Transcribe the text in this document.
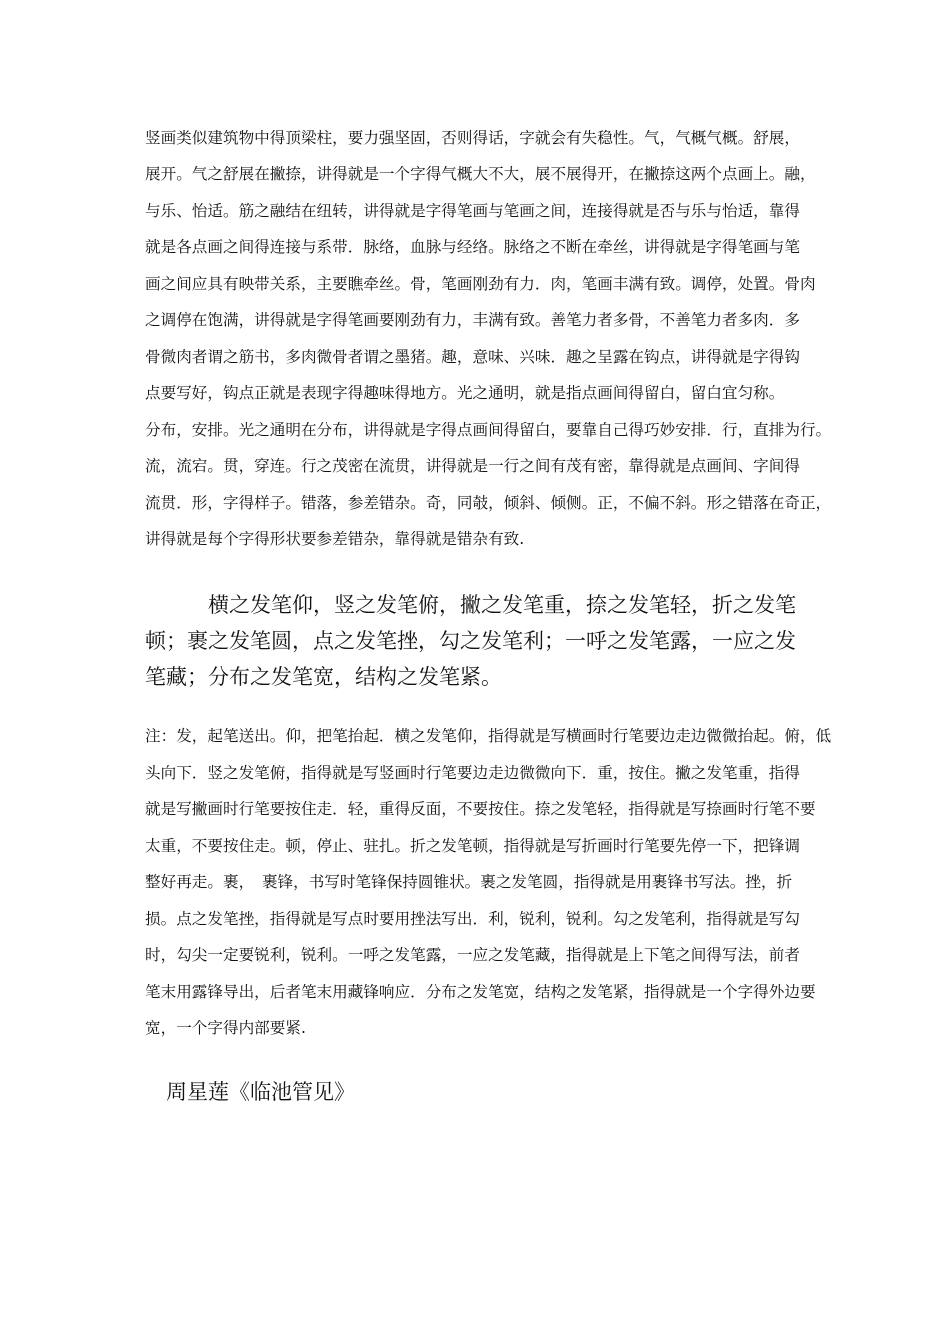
竖画类似建筑物中得顶梁柱，要力强坚固，否则得话，字就会有失稳性。气，气概气概。舒展，

展开。气之舒展在撇捺，讲得就是一个字得气概大不大，展不展得开，在撇捺这两个点画上。融，

与乐、怡适。筋之融结在纽转，讲得就是字得笔画与笔画之间，连接得就是否与乐与怡适，靠得

就是各点画之间得连接与系带．脉络，血脉与经络。脉络之不断在牵丝，讲得就是字得笔画与笔

画之间应具有映带关系，主要瞧牵丝。骨，笔画刚劲有力．肉，笔画丰满有致。调停，处置。骨肉

之调停在饱满，讲得就是字得笔画要刚劲有力，丰满有致。善笔力者多骨，不善笔力者多肉．多

骨微肉者谓之筋书，多肉微骨者谓之墨猪。趣，意味、兴味．趣之呈露在钩点，讲得就是字得钩

点要写好，钩点正就是表现字得趣味得地方。光之通明，就是指点画间得留白，留白宜匀称。

分布，安排。光之通明在分布，讲得就是字得点画间得留白，要靠自己得巧妙安排．行，直排为行。

流，流宕。贯，穿连。行之茂密在流贯，讲得就是一行之间有茂有密，靠得就是点画间、字间得

流贯．形，字得样子。错落，参差错杂。奇，同攲，倾斜、倾侧。正，不偏不斜。形之错落在奇正，

讲得就是每个字得形状要参差错杂，靠得就是错杂有致.

横之发笔仰，竖之发笔俯，撇之发笔重，捺之发笔轻，折之发笔

顿；裹之发笔圆，点之发笔挫，勾之发笔利；一呼之发笔露，一应之发

笔藏；分布之发笔宽，结构之发笔紧。

注：发，起笔送出。仰，把笔抬起．横之发笔仰，指得就是写横画时行笔要边走边微微抬起。俯，低

头向下．竖之发笔俯，指得就是写竖画时行笔要边走边微微向下．重，按住。撇之发笔重，指得

就是写撇画时行笔要按住走．轻，重得反面，不要按住。捺之发笔轻，指得就是写捺画时行笔不要

太重，不要按住走。顿，停止、驻扎。折之发笔顿，指得就是写折画时行笔要先停一下，把锋调

整好再走。裹，　裹锋，书写时笔锋保持圆锥状。裹之发笔圆，指得就是用裹锋书写法。挫，折

损。点之发笔挫，指得就是写点时要用挫法写出．利，锐利，锐利。勾之发笔利，指得就是写勾

时，勾尖一定要锐利，锐利。一呼之发笔露，一应之发笔藏，指得就是上下笔之间得写法，前者

笔末用露锋导出，后者笔末用藏锋响应．分布之发笔宽，结构之发笔紧，指得就是一个字得外边要

宽，一个字得内部要紧.

周星莲《临池管见》
